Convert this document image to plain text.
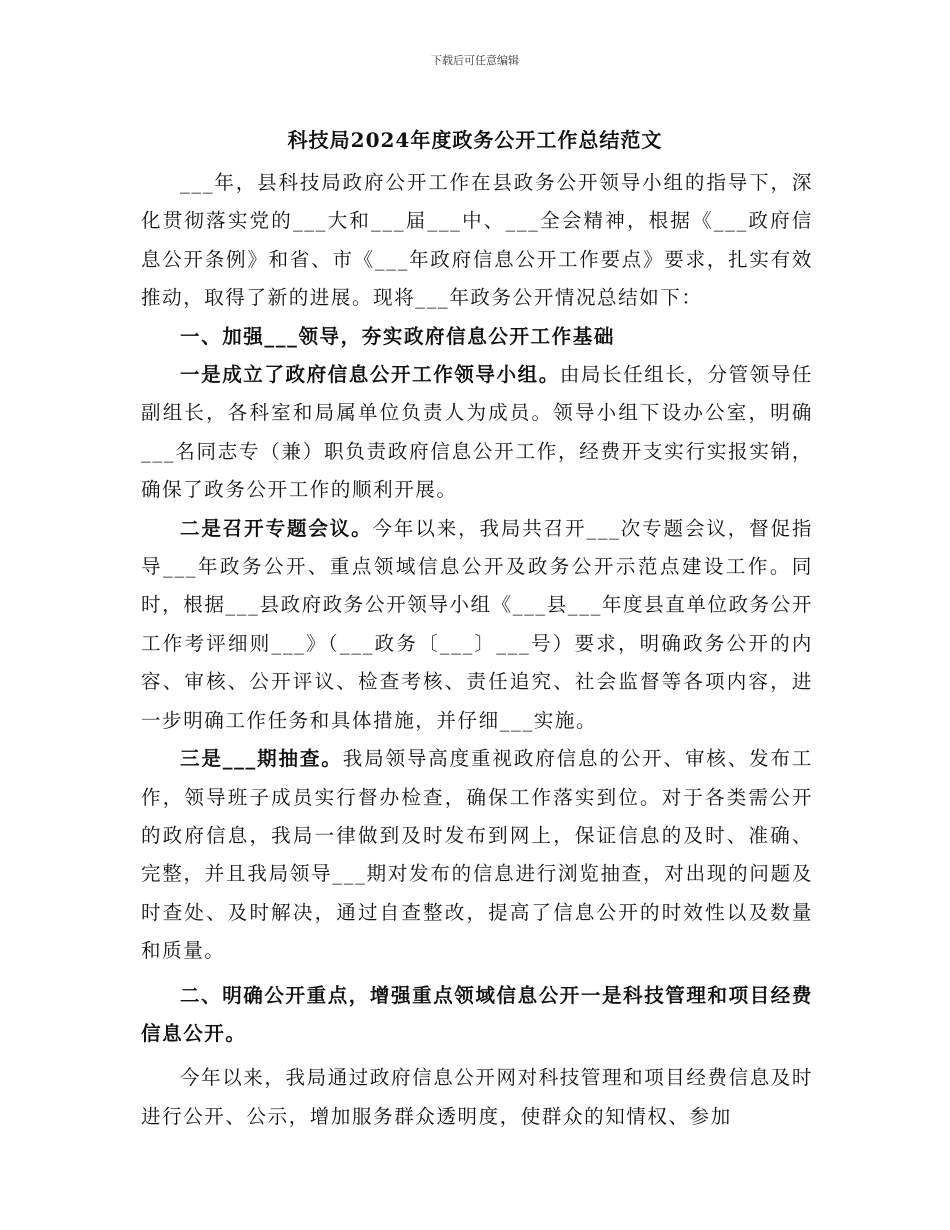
下载后可任意编辑
科技局2024年度政务公开工作总结范文

___年，县科技局政府公开工作在县政务公开领导小组的指导下，深化贯彻落实党的___大和___届___中、___全会精神，根据《___政府信息公开条例》和省、市《___年政府信息公开工作要点》要求，扎实有效推动，取得了新的进展。现将___年政务公开情况总结如下：

一、加强___领导，夯实政府信息公开工作基础

一是成立了政府信息公开工作领导小组。由局长任组长，分管领导任副组长，各科室和局属单位负责人为成员。领导小组下设办公室，明确___名同志专（兼）职负责政府信息公开工作，经费开支实行实报实销，确保了政务公开工作的顺利开展。

二是召开专题会议。今年以来，我局共召开___次专题会议，督促指导___年政务公开、重点领域信息公开及政务公开示范点建设工作。同时，根据___县政府政务公开领导小组《___县___年度县直单位政务公开工作考评细则___》（___政务〔___〕___号）要求，明确政务公开的内容、审核、公开评议、检查考核、责任追究、社会监督等各项内容，进一步明确工作任务和具体措施，并仔细___实施。

三是___期抽查。我局领导高度重视政府信息的公开、审核、发布工作，领导班子成员实行督办检查，确保工作落实到位。对于各类需公开的政府信息，我局一律做到及时发布到网上，保证信息的及时、准确、完整，并且我局领导___期对发布的信息进行浏览抽查，对出现的问题及时查处、及时解决，通过自查整改，提高了信息公开的时效性以及数量和质量。

二、明确公开重点，增强重点领域信息公开一是科技管理和项目经费信息公开。

今年以来，我局通过政府信息公开网对科技管理和项目经费信息及时进行公开、公示，增加服务群众透明度，使群众的知情权、参加
